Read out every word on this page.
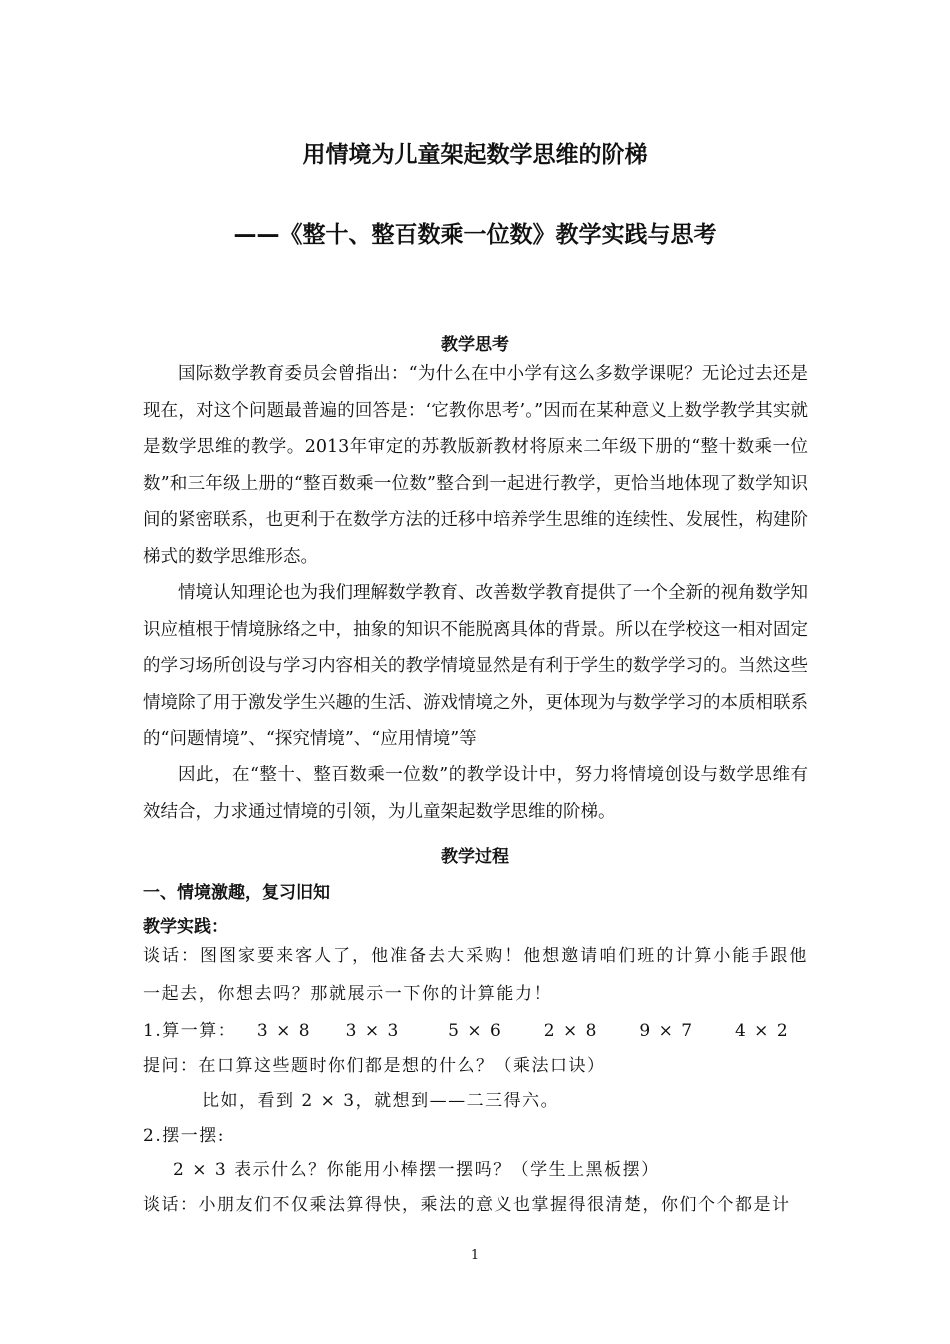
用情境为儿童架起数学思维的阶梯
——《整十、整百数乘一位数》教学实践与思考
教学思考

国际数学教育委员会曾指出：“为什么在中小学有这么多数学课呢？无论过去还是现在，对这个问题最普遍的回答是：‘它教你思考’。”因而在某种意义上数学教学其实就是数学思维的教学。2013年审定的苏教版新教材将原来二年级下册的“整十数乘一位数”和三年级上册的“整百数乘一位数”整合到一起进行教学，更恰当地体现了数学知识间的紧密联系，也更利于在数学方法的迁移中培养学生思维的连续性、发展性，构建阶梯式的数学思维形态。

情境认知理论也为我们理解数学教育、改善数学教育提供了一个全新的视角数学知识应植根于情境脉络之中，抽象的知识不能脱离具体的背景。所以在学校这一相对固定的学习场所创设与学习内容相关的教学情境显然是有利于学生的数学学习的。当然这些情境除了用于激发学生兴趣的生活、游戏情境之外，更体现为与数学学习的本质相联系的“问题情境”、“探究情境”、“应用情境”等

因此，在“整十、整百数乘一位数”的教学设计中，努力将情境创设与数学思维有效结合，力求通过情境的引领，为儿童架起数学思维的阶梯。

教学过程
一、情境激趣，复习旧知
教学实践：

谈话：图图家要来客人了，他准备去大采购！他想邀请咱们班的计算小能手跟他一起去，你想去吗？那就展示一下你的计算能力！

1.算一算：   3 × 8     3 × 3       5 × 6      2 × 8      9 × 7      4 × 2
提问：在口算这些题时你们都是想的什么？（乘法口诀）
比如，看到 2 × 3，就想到——二三得六。
2.摆一摆:
2 × 3 表示什么？你能用小棒摆一摆吗？（学生上黑板摆）
谈话：小朋友们不仅乘法算得快，乘法的意义也掌握得很清楚，你们个个都是计
1
